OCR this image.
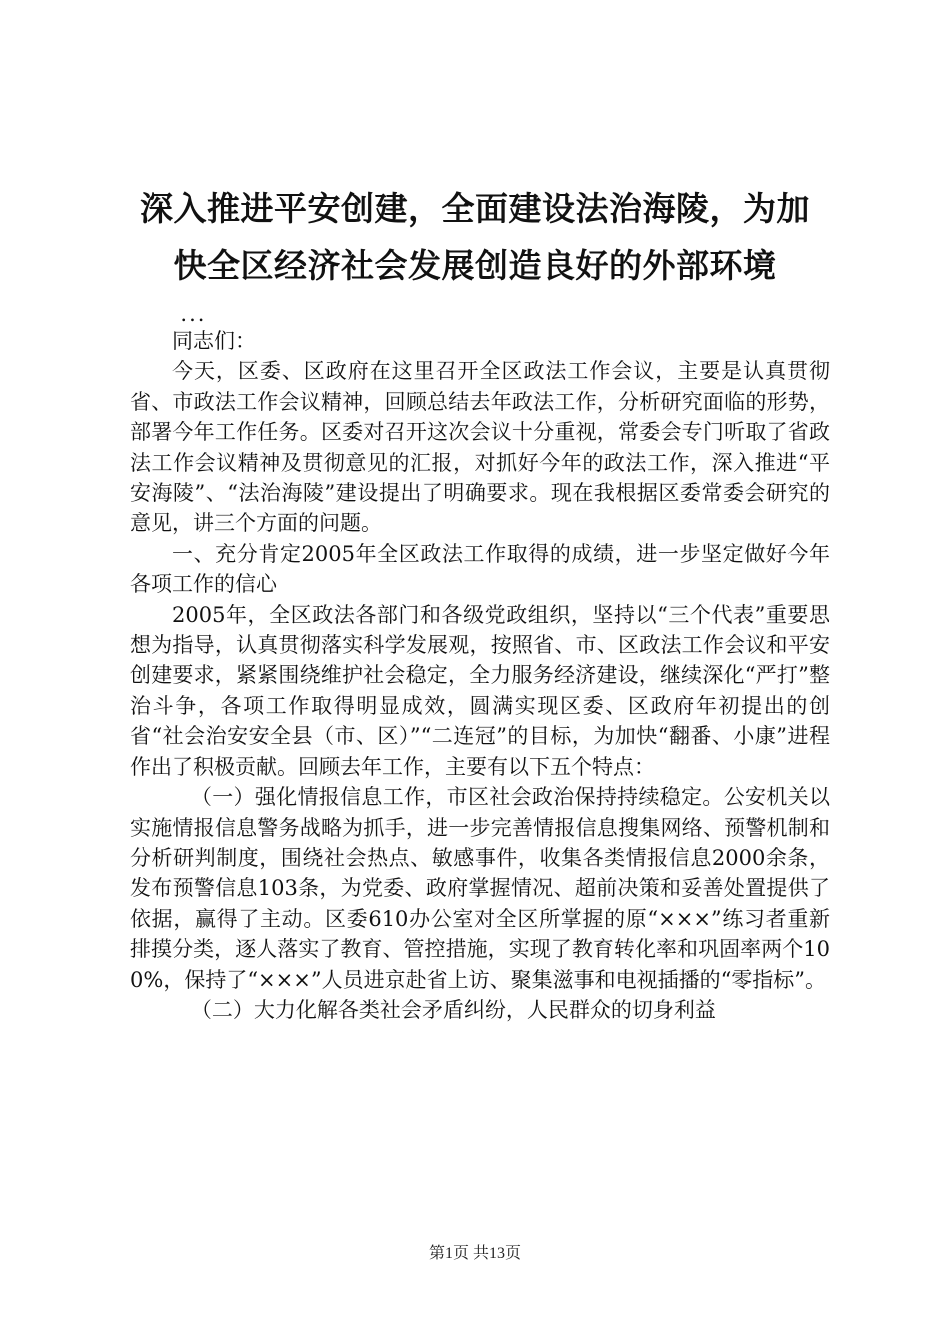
深入推进平安创建，全面建设法治海陵，为加
快全区经济社会发展创造良好的外部环境

...

同志们：

今天，区委、区政府在这里召开全区政法工作会议，主要是认真贯彻省、市政法工作会议精神，回顾总结去年政法工作，分析研究面临的形势，部署今年工作任务。区委对召开这次会议十分重视，常委会专门听取了省政法工作会议精神及贯彻意见的汇报，对抓好今年的政法工作，深入推进“平安海陵”、“法治海陵”建设提出了明确要求。现在我根据区委常委会研究的意见，讲三个方面的问题。

一、充分肯定2005年全区政法工作取得的成绩，进一步坚定做好今年各项工作的信心

2005年，全区政法各部门和各级党政组织，坚持以“三个代表”重要思想为指导，认真贯彻落实科学发展观，按照省、市、区政法工作会议和平安创建要求，紧紧围绕维护社会稳定，全力服务经济建设，继续深化“严打”整治斗争，各项工作取得明显成效，圆满实现区委、区政府年初提出的创省“社会治安安全县（市、区）”“二连冠”的目标，为加快“翻番、小康”进程作出了积极贡献。回顾去年工作，主要有以下五个特点：

（一）强化情报信息工作，市区社会政治保持持续稳定。公安机关以实施情报信息警务战略为抓手，进一步完善情报信息搜集网络、预警机制和分析研判制度，围绕社会热点、敏感事件，收集各类情报信息2000余条，发布预警信息103条，为党委、政府掌握情况、超前决策和妥善处置提供了依据，赢得了主动。区委610办公室对全区所掌握的原“×××”练习者重新排摸分类，逐人落实了教育、管控措施，实现了教育转化率和巩固率两个100%，保持了“×××”人员进京赴省上访、聚集滋事和电视插播的“零指标”。

（二）大力化解各类社会矛盾纠纷，人民群众的切身利益

第1页 共13页
